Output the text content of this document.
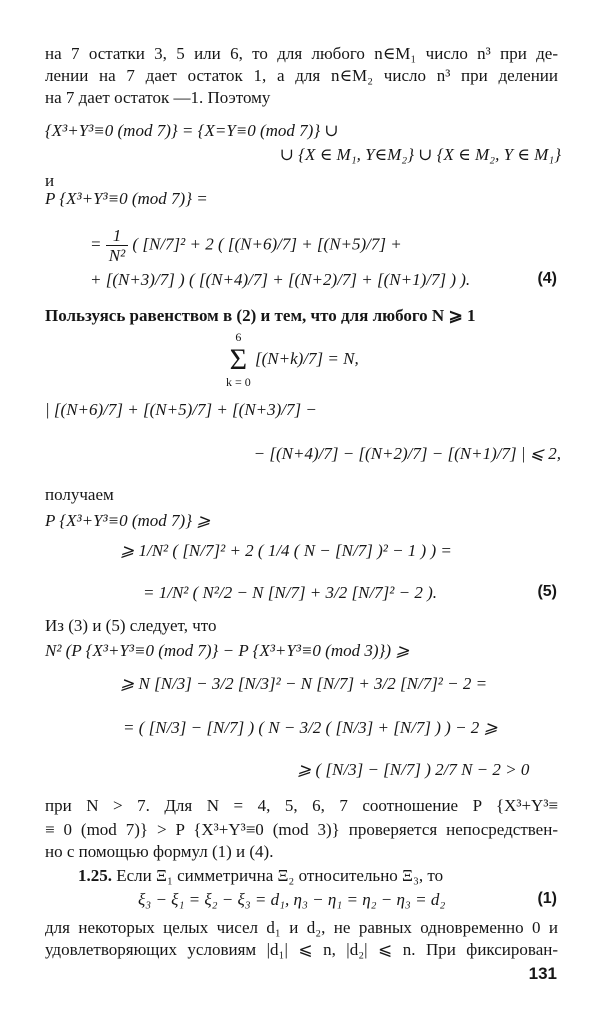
на 7 остатки 3, 5 или 6, то для любого n∈M₁ число n³ при де-
лении на 7 дает остаток 1, а для n∈M₂ число n³ при делении
на 7 дает остаток —1. Поэтому
{X³+Y³≡0 (mod 7)} = {X=Y≡0 (mod 7)} ∪
∪ {X ∈ M₁, Y∈M₂} ∪ {X ∈ M₂, Y ∈ M₁}
и
P {X³+Y³≡0 (mod 7)} =
= $\frac{1}{\text{N²}}$ ( [N/7]² + 2 ( [(N+6)/7] + [(N+5)/7] +
+ [(N+3)/7] ) ( [(N+4)/7] + [(N+2)/7] + [(N+1)/7] ) ).	(4)
Пользуясь равенством в (2) и тем, что для любого N ⩾ 1
6
Σ
k = 0
[(N+k)/7] = N,
| [(N+6)/7] + [(N+5)/7] + [(N+3)/7] −
− [(N+4)/7] − [(N+2)/7] − [(N+1)/7] | ⩽ 2,
получаем
P {X³+Y³≡0 (mod 7)} ⩾
⩾ 1/N² ( [N/7]² + 2 ( 1/4 ( N − [N/7] )² − 1 ) ) =
= 1/N² ( N²/2 − N [N/7] + 3/2 [N/7]² − 2 ).	(5)
Из (3) и (5) следует, что
N² (P {X³+Y³≡0 (mod 7)} − P {X³+Y³≡0 (mod 3)}) ⩾
⩾ N [N/3] − 3/2 [N/3]² − N [N/7] + 3/2 [N/7]² − 2 =
= ( [N/3] − [N/7] ) ( N − 3/2 ( [N/3] + [N/7] ) ) − 2 ⩾
⩾ ( [N/3] − [N/7] ) 2/7 N − 2 > 0
при N > 7. Для N = 4, 5, 6, 7 соотношение P {X³+Y³≡
≡ 0 (mod 7)} > P {X³+Y³≡0 (mod 3)} проверяется непосредствен-
но с помощью формул (1) и (4).
1.25. Если Ξ₁ симметрична Ξ₂ относительно Ξ₃, то
ξ₃ − ξ₁ = ξ₂ − ξ₃ = d₁, η₃ − η₁ = η₂ − η₃ = d₂	(1)
для некоторых целых чисел d₁ и d₂, не равных одновременно 0 и
удовлетворяющих условиям |d₁| ⩽ n, |d₂| ⩽ n. При фиксирован-
131
